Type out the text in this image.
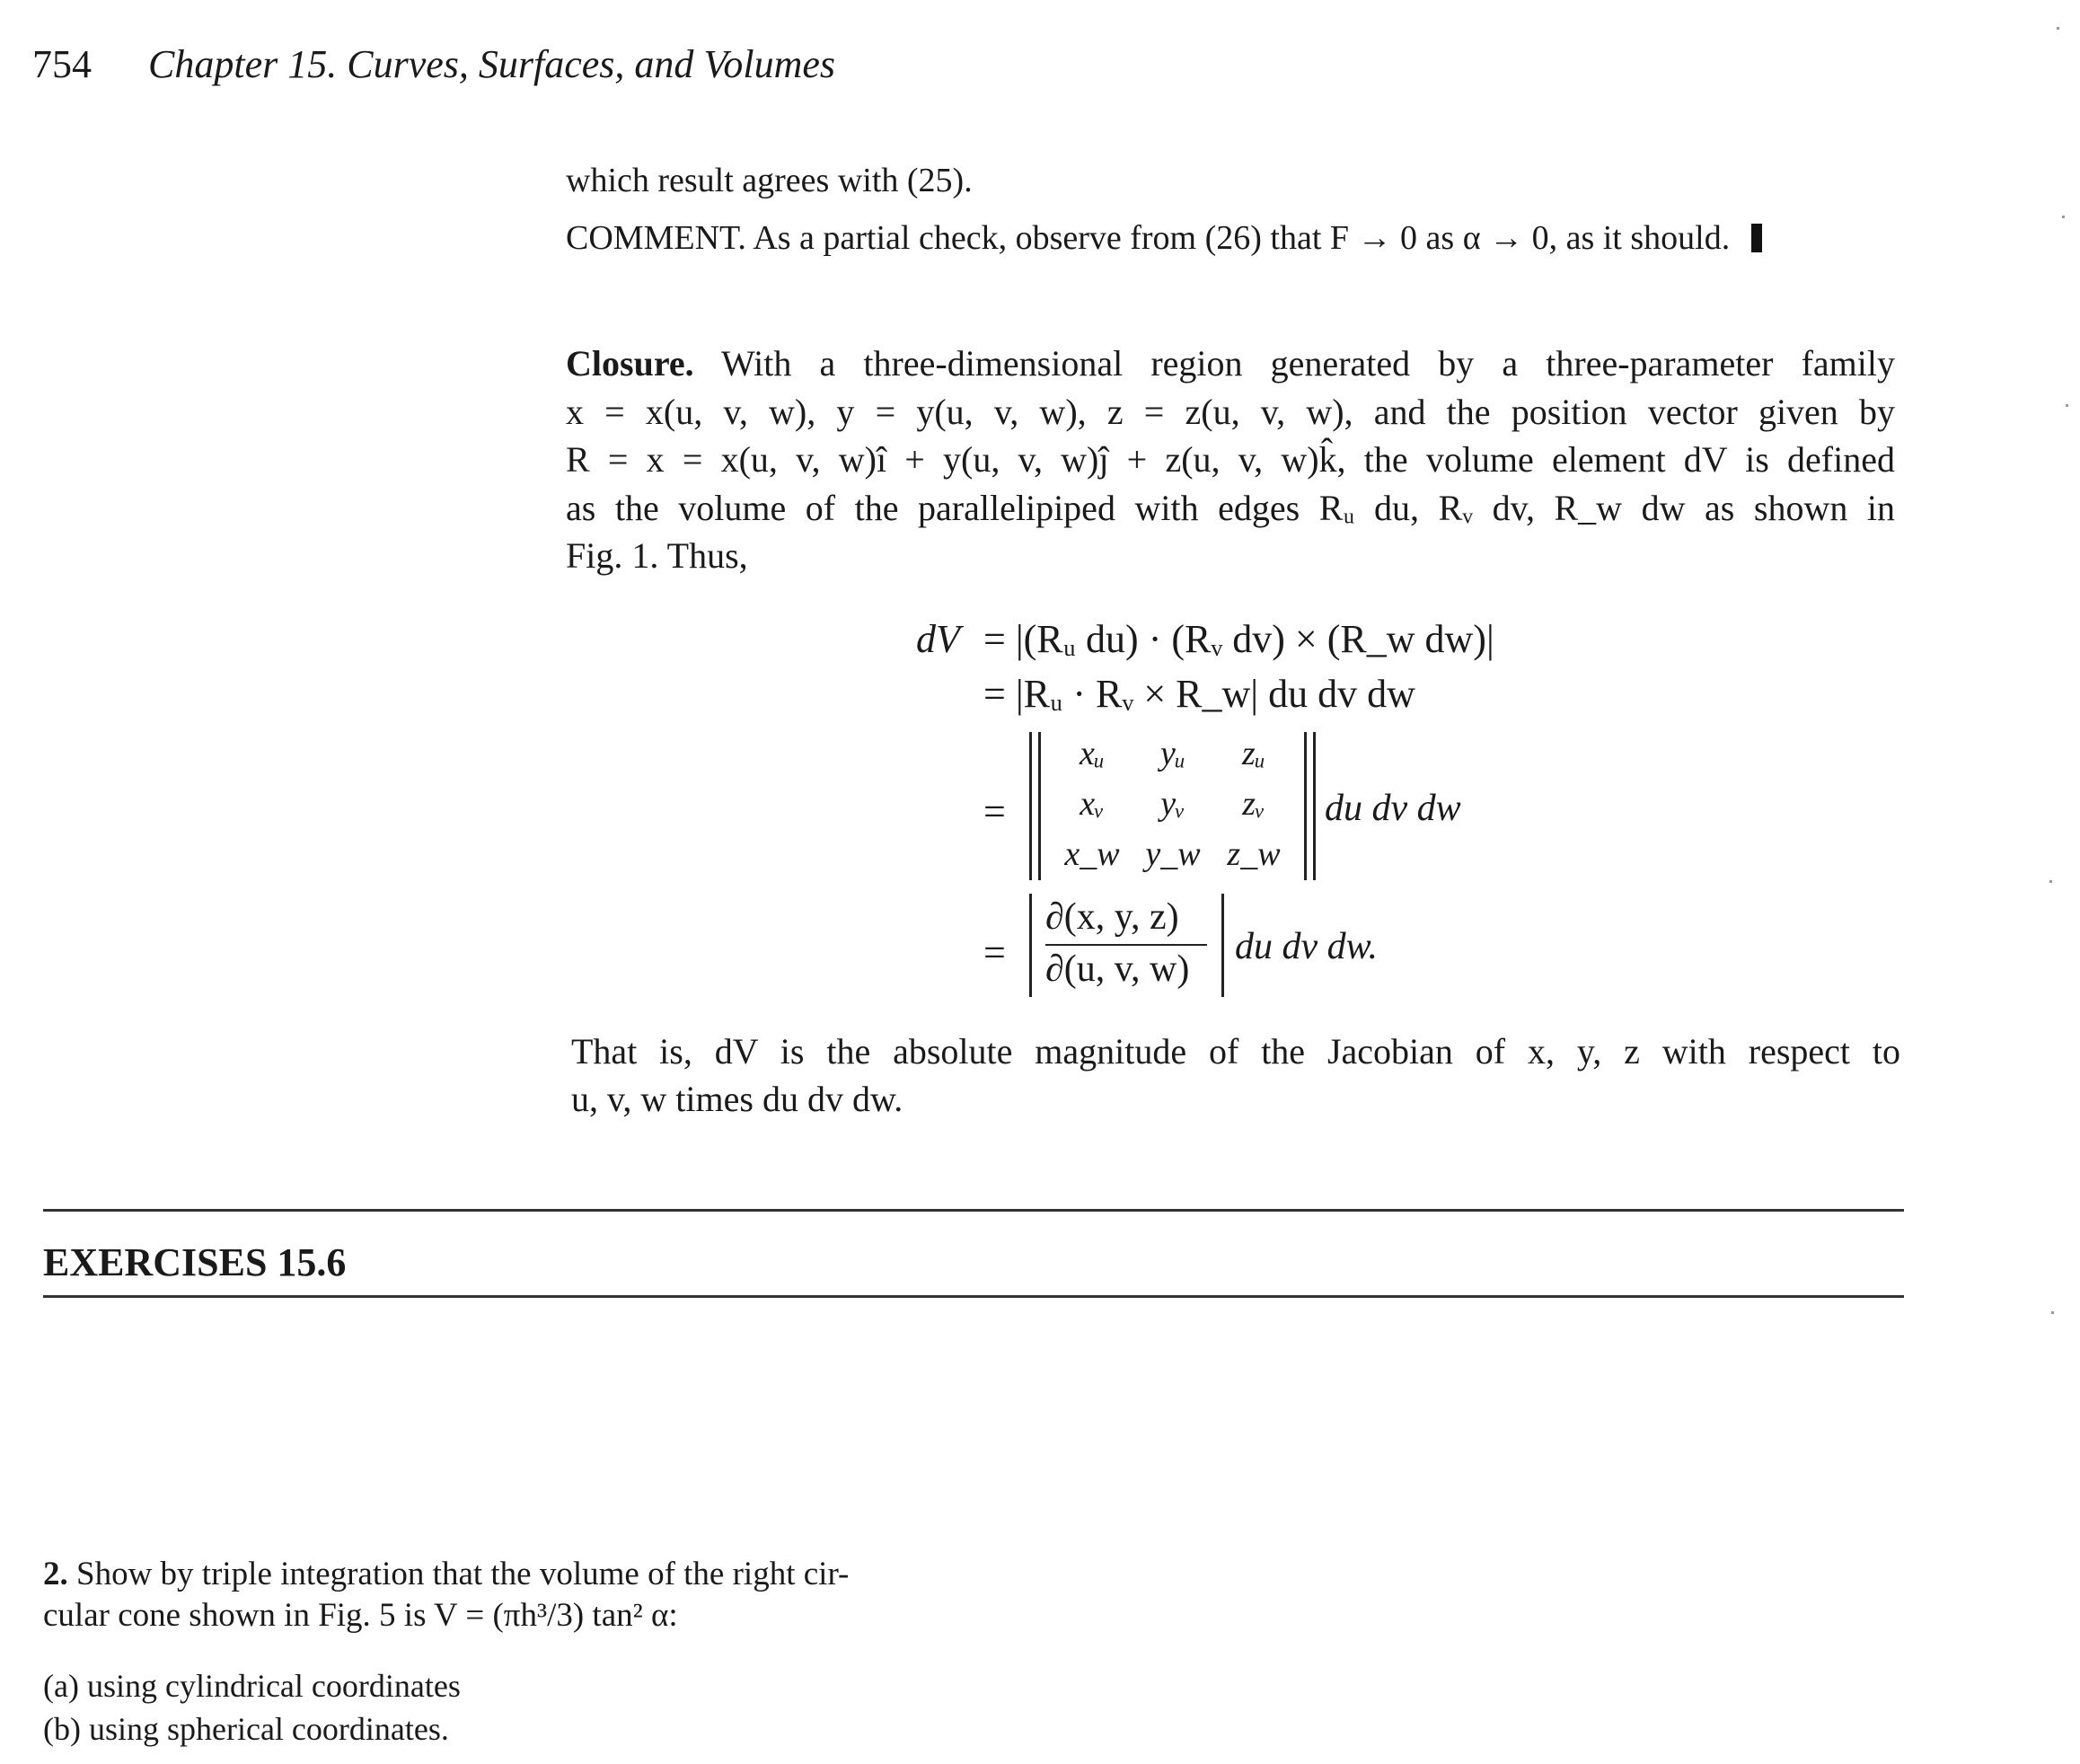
754 Chapter 15. Curves, Surfaces, and Volumes
which result agrees with (25).
COMMENT. As a partial check, observe from (26) that F → 0 as α → 0, as it should.
Closure. With a three-dimensional region generated by a three-parameter family
x = x(u, v, w), y = y(u, v, w), z = z(u, v, w), and the position vector given by
R = x = x(u, v, w)î + y(u, v, w)ĵ + z(u, v, w)k̂, the volume element dV is defined
as the volume of the parallelipiped with edges Rᵤ du, Rᵥ dv, R_w dw as shown in
Fig. 1. Thus,
dV = |(Rᵤ du) · (Rᵥ dv) × (R_w dw)|
= |Rᵤ · Rᵥ × R_w| du dv dw
=
xᵤ	yᵤ	zᵤ
xᵥ	yᵥ	zᵥ
x_w y_w z_w
du dv dw
=
∂(x, y, z)
∂(u, v, w)
du dv dw.
That is, dV is the absolute magnitude of the Jacobian of x, y, z with respect to
u, v, w times du dv dw.
EXERCISES 15.6
2. Show by triple integration that the volume of the right cir-
cular cone shown in Fig. 5 is V = (πh³/3) tan² α:
(a) using cylindrical coordinates
(b) using spherical coordinates.
